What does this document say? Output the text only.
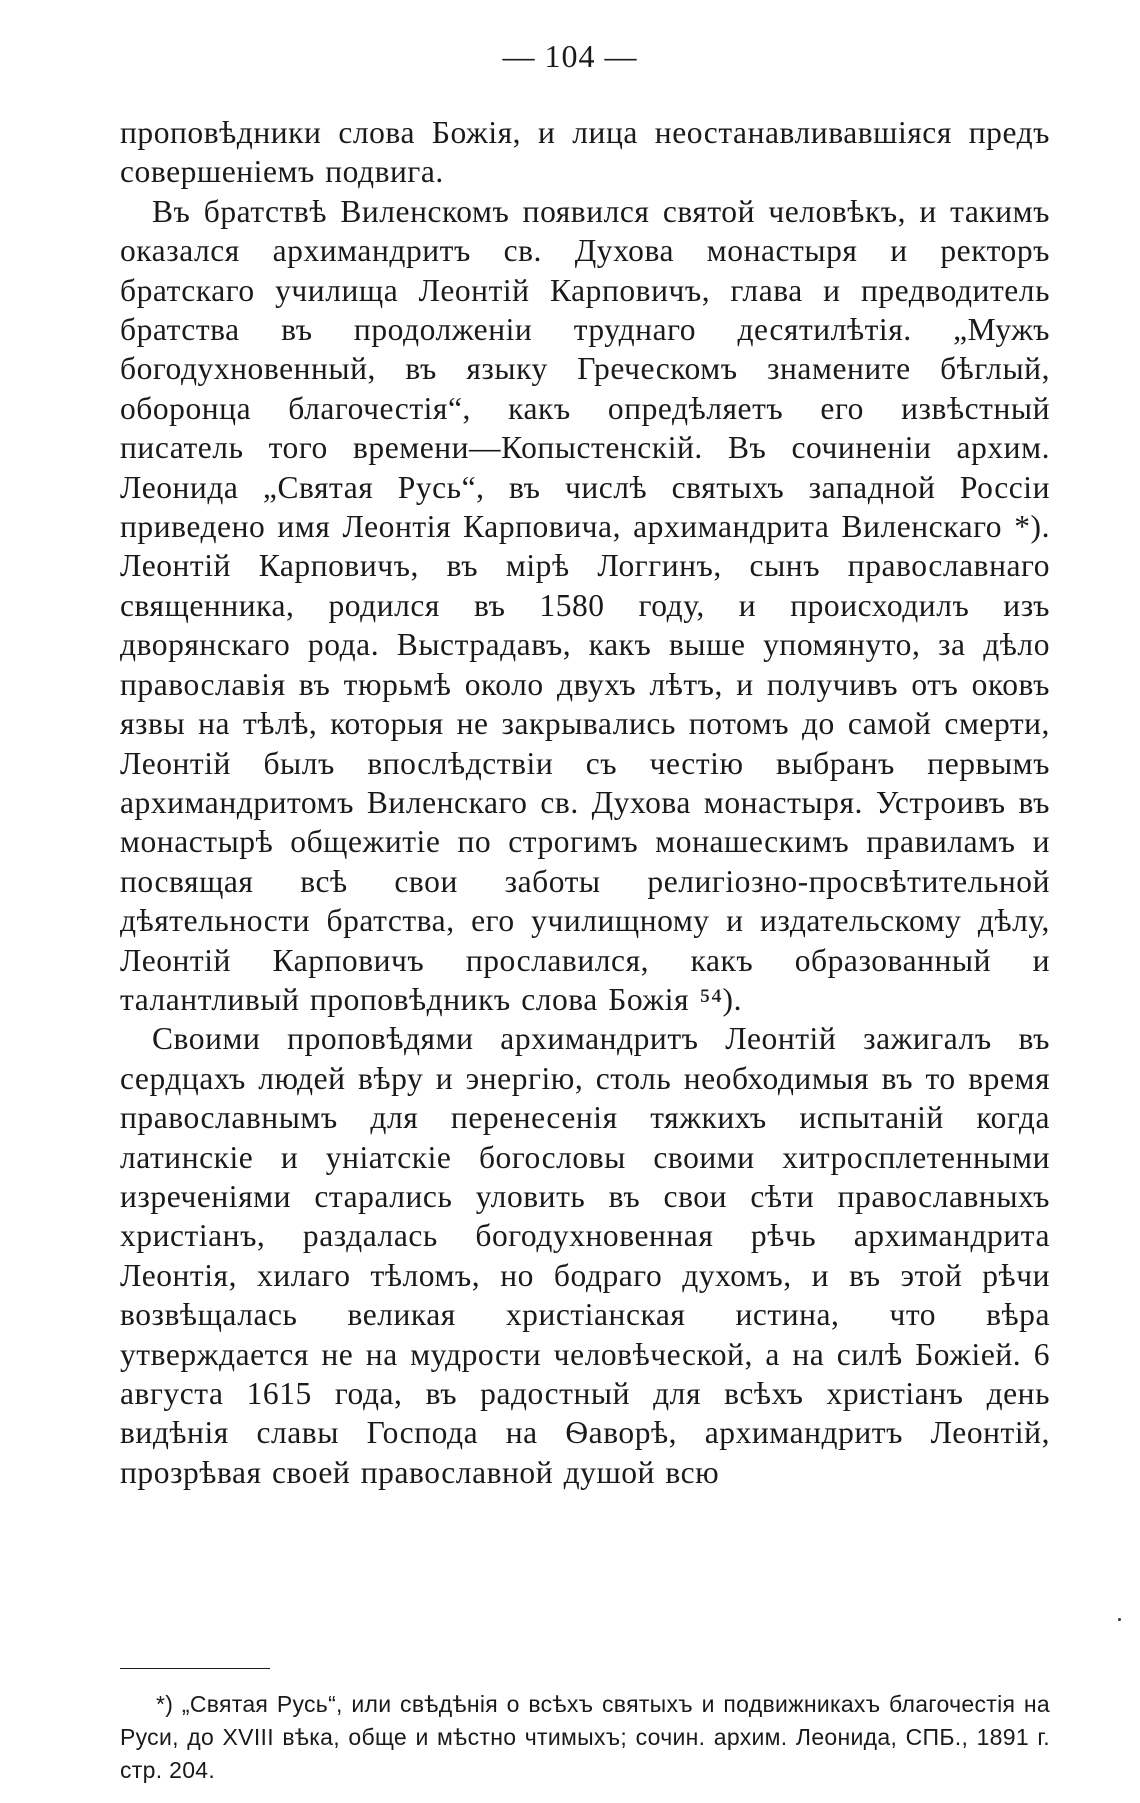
— 104 —

проповѣдники слова Божія, и лица неостанавливавшіяся предъ совершеніемъ подвига.

Въ братствѣ Виленскомъ появился святой человѣкъ, и такимъ оказался архимандритъ св. Духова монастыря и ректоръ братскаго училища Леонтій Карповичъ, глава и предводитель братства въ продолженіи труднаго десятилѣтія. „Мужъ богодухновенный, въ языку Греческомъ знамените бѣглый, оборонца благочестія“, какъ опредѣляетъ его извѣстный писатель того времени—Копыстенскій. Въ сочиненіи архим. Леонида „Святая Русь“, въ числѣ святыхъ западной Россіи приведено имя Леонтія Карповича, архимандрита Виленскаго *). Леонтій Карповичъ, въ мірѣ Логгинъ, сынъ православнаго священника, родился въ 1580 году, и происходилъ изъ дворянскаго рода. Выстрадавъ, какъ выше упомянуто, за дѣло православія въ тюрьмѣ около двухъ лѣтъ, и получивъ отъ оковъ язвы на тѣлѣ, которыя не закрывались потомъ до самой смерти, Леонтій былъ впослѣдствіи съ честію выбранъ первымъ архимандритомъ Виленскаго св. Духова монастыря. Устроивъ въ монастырѣ общежитіе по строгимъ монашескимъ правиламъ и посвящая всѣ свои заботы религіозно-просвѣтительной дѣятельности братства, его училищному и издательскому дѣлу, Леонтій Карповичъ прославился, какъ образованный и талантливый проповѣдникъ слова Божія ⁵⁴).

Своими проповѣдями архимандритъ Леонтій зажигалъ въ сердцахъ людей вѣру и энергію, столь необходимыя въ то время православнымъ для перенесенія тяжкихъ испытаній когда латинскіе и уніатскіе богословы своими хитросплетенными изреченіями старались уловить въ свои сѣти православныхъ христіанъ, раздалась богодухновенная рѣчь архимандрита Леонтія, хилаго тѣломъ, но бодраго духомъ, и въ этой рѣчи возвѣщалась великая христіанская истина, что вѣра утверждается не на мудрости человѣческой, а на силѣ Божіей. 6 августа 1615 года, въ радостный для всѣхъ христіанъ день видѣнія славы Господа на Ѳаворѣ, архимандритъ Леонтій, прозрѣвая своей православной душой всю

*) „Святая Русь“, или свѣдѣнія о всѣхъ святыхъ и подвижникахъ благочестія на Руси, до XVIII вѣка, обще и мѣстно чтимыхъ; сочин. архим. Леонида, СПБ., 1891 г. стр. 204.
